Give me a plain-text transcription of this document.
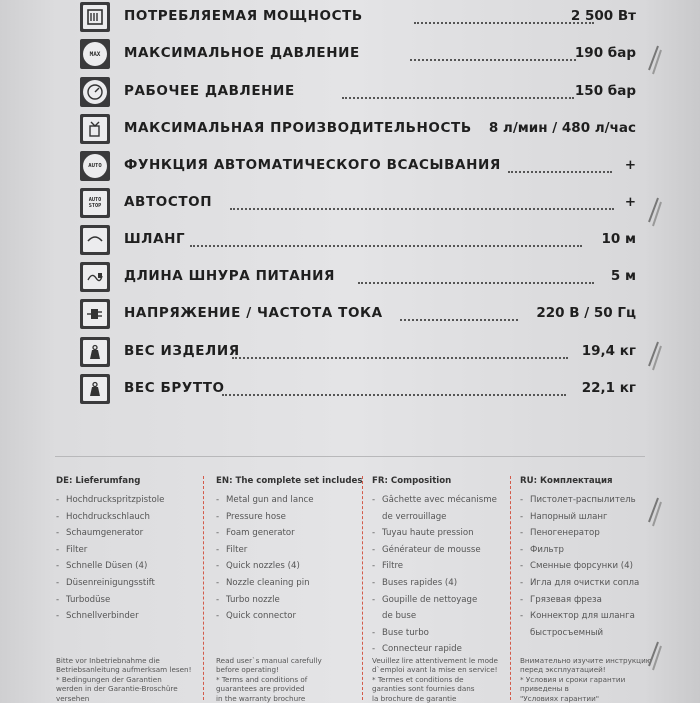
ПОТРЕБЛЯЕМАЯ МОЩНОСТЬ	2 500 Вт
MAX МАКСИМАЛЬНОЕ ДАВЛЕНИЕ	190 бар
РАБОЧЕЕ ДАВЛЕНИЕ	150 бар
МАКСИМАЛЬНАЯ ПРОИЗВОДИТЕЛЬНОСТЬ 8 л/мин / 480 л/час
AUTO ФУНКЦИЯ АВТОМАТИЧЕСКОГО ВСАСЫВАНИЯ	+
AUTO STOP АВТОСТОП	+
ШЛАНГ	10 м
ДЛИНА ШНУРА ПИТАНИЯ	5 м
НАПРЯЖЕНИЕ / ЧАСТОТА ТОКА	220 В / 50 Гц
ВЕС ИЗДЕЛИЯ	19,4 кг
ВЕС БРУТТО	22,1 кг
DE: Lieferumfang
- Hochdruckspritzpistole
- Hochdruckschlauch
- Schaumgenerator
- Filter
- Schnelle Düsen (4)
- Düsenreinigungsstift
- Turbodüse
- Schnellverbinder
Bitte vor Inbetriebnahme die
Betriebsanleitung aufmerksam lesen!
* Bedingungen der Garantien
werden in der Garantie-Broschüre
versehen
EN: The complete set includes
- Metal gun and lance
- Pressure hose
- Foam generator
- Filter
- Quick nozzles (4)
- Nozzle cleaning pin
- Turbo nozzle
- Quick connector
Read user`s manual carefully
before operating!
* Terms and conditions of
guarantees are provided
in the warranty brochure
FR: Composition
- Gâchette avec mécanisme
de verrouillage
- Tuyau haute pression
- Générateur de mousse
- Filtre
- Buses rapides (4)
- Goupille de nettoyage
de buse
- Buse turbo
- Connecteur rapide
Veuillez lire attentivement le mode
d`emploi avant la mise en service!
* Termes et conditions de
garanties sont fournies dans
la brochure de garantie
RU: Комплектация
- Пистолет-распылитель
- Напорный шланг
- Пеногенератор
- Фильтр
- Сменные форсунки (4)
- Игла для очистки сопла
- Грязевая фреза
- Коннектор для шланга
быстросъемный
Внимательно изучите инструкцию
перед эксплуатацией!
* Условия и сроки гарантии
приведены в
"Условиях гарантии"
